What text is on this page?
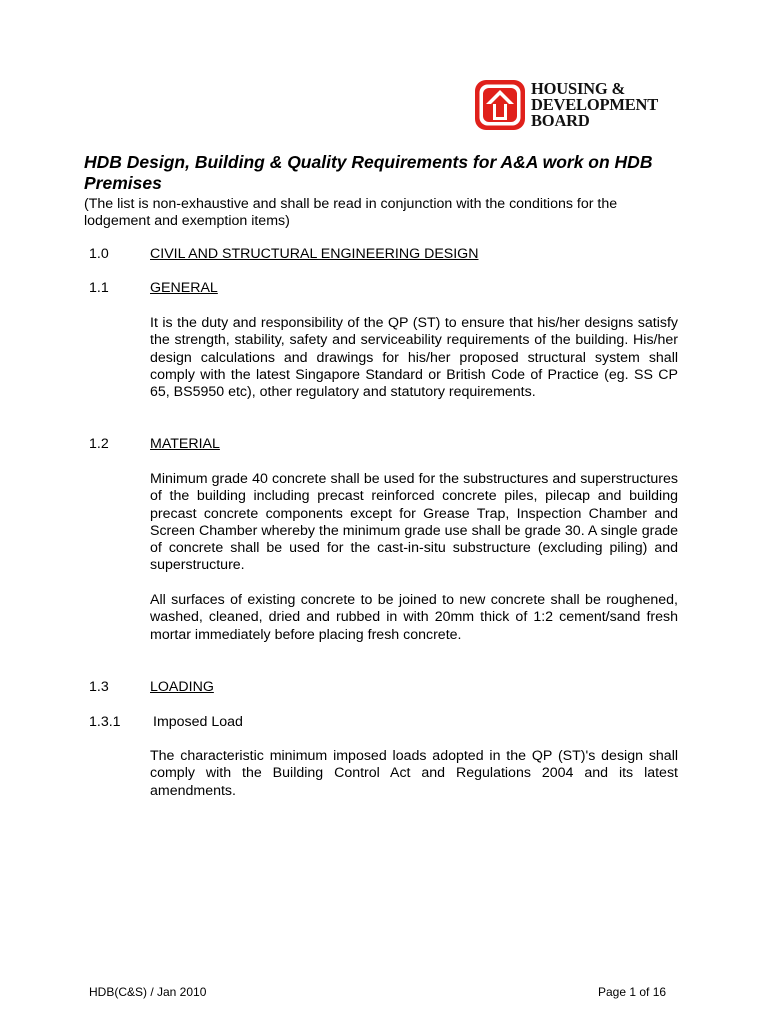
HOUSING &
DEVELOPMENT
BOARD
HDB Design, Building & Quality Requirements for A&A work on HDB Premises
(The list is non-exhaustive and shall be read in conjunction with the conditions for the lodgement and exemption items)
1.0	CIVIL AND STRUCTURAL ENGINEERING DESIGN
1.1	GENERAL
It is the duty and responsibility of the QP (ST) to ensure that his/her designs satisfy the strength, stability, safety and serviceability requirements of the building. His/her design calculations and drawings for his/her proposed structural system shall comply with the latest Singapore Standard or British Code of Practice (eg. SS CP 65, BS5950 etc), other regulatory and statutory requirements.
1.2	MATERIAL
Minimum grade 40 concrete shall be used for the substructures and superstructures of the building including precast reinforced concrete piles, pilecap and building precast concrete components except for Grease Trap, Inspection Chamber and Screen Chamber whereby the minimum grade use shall be grade 30. A single grade of concrete shall be used for the cast-in-situ substructure (excluding piling) and superstructure.
All surfaces of existing concrete to be joined to new concrete shall be roughened, washed, cleaned, dried and rubbed in with 20mm thick of 1:2 cement/sand fresh mortar immediately before placing fresh concrete.
1.3	LOADING
1.3.1 Imposed Load
The characteristic minimum imposed loads adopted in the QP (ST)'s design shall comply with the Building Control Act and Regulations 2004 and its latest amendments.
HDB(C&S) / Jan 2010	Page 1 of 16
